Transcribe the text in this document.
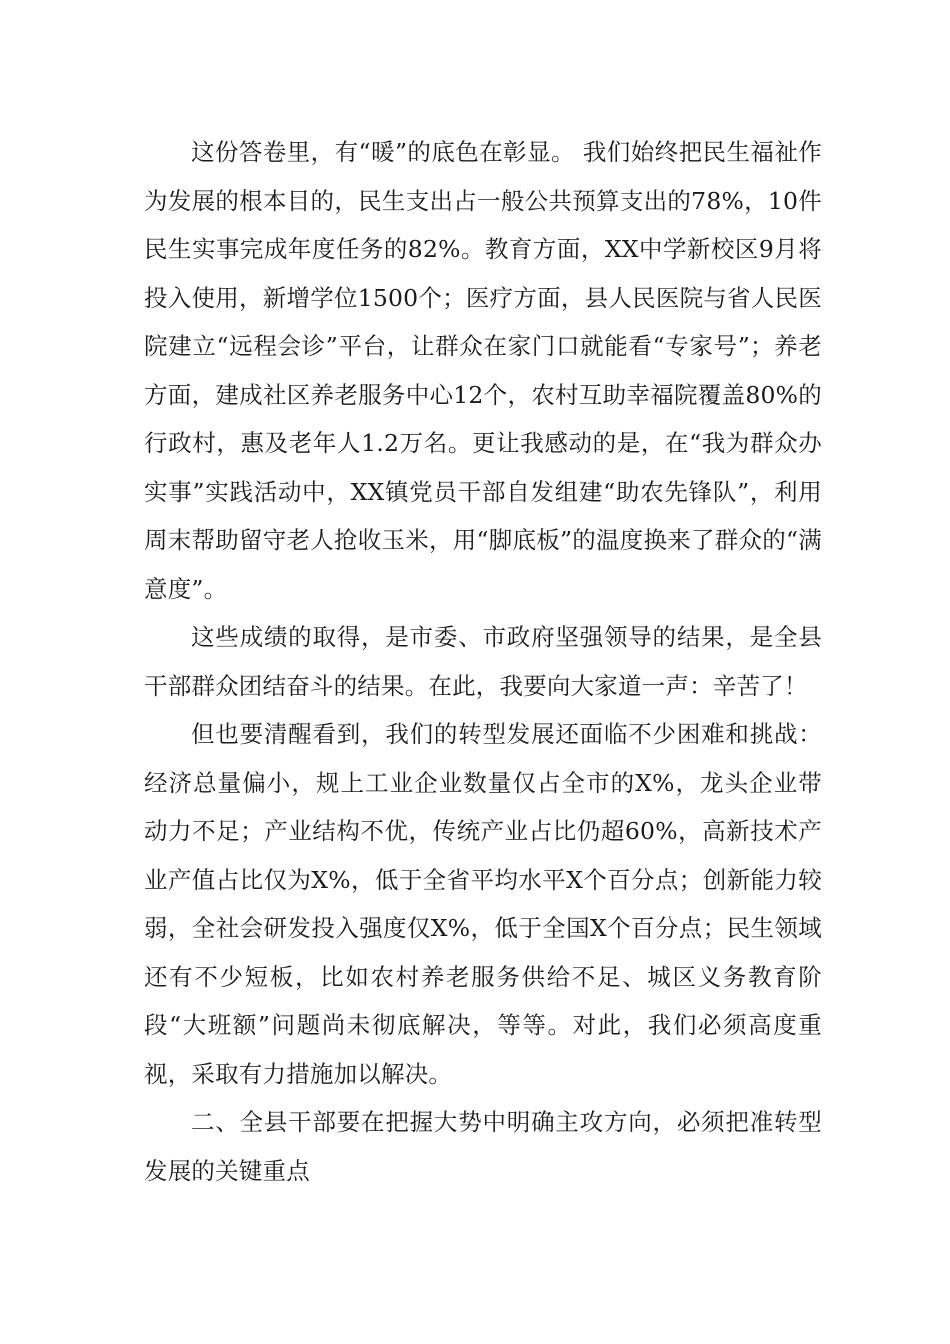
这份答卷里，有“暖”的底色在彰显。 我们始终把民生福祉作为发展的根本目的，民生支出占一般公共预算支出的78%，10件民生实事完成年度任务的82%。教育方面，XX中学新校区9月将投入使用，新增学位1500个；医疗方面，县人民医院与省人民医院建立“远程会诊”平台，让群众在家门口就能看“专家号”；养老方面，建成社区养老服务中心12个，农村互助幸福院覆盖80%的行政村，惠及老年人1.2万名。更让我感动的是，在“我为群众办实事”实践活动中，XX镇党员干部自发组建“助农先锋队”，利用周末帮助留守老人抢收玉米，用“脚底板”的温度换来了群众的“满意度”。

这些成绩的取得，是市委、市政府坚强领导的结果，是全县干部群众团结奋斗的结果。在此，我要向大家道一声：辛苦了！

但也要清醒看到，我们的转型发展还面临不少困难和挑战：经济总量偏小，规上工业企业数量仅占全市的X%，龙头企业带动力不足；产业结构不优，传统产业占比仍超60%，高新技术产业产值占比仅为X%，低于全省平均水平X个百分点；创新能力较弱，全社会研发投入强度仅X%，低于全国X个百分点；民生领域还有不少短板，比如农村养老服务供给不足、城区义务教育阶段“大班额”问题尚未彻底解决，等等。对此，我们必须高度重视，采取有力措施加以解决。

二、全县干部要在把握大势中明确主攻方向，必须把准转型发展的关键重点
